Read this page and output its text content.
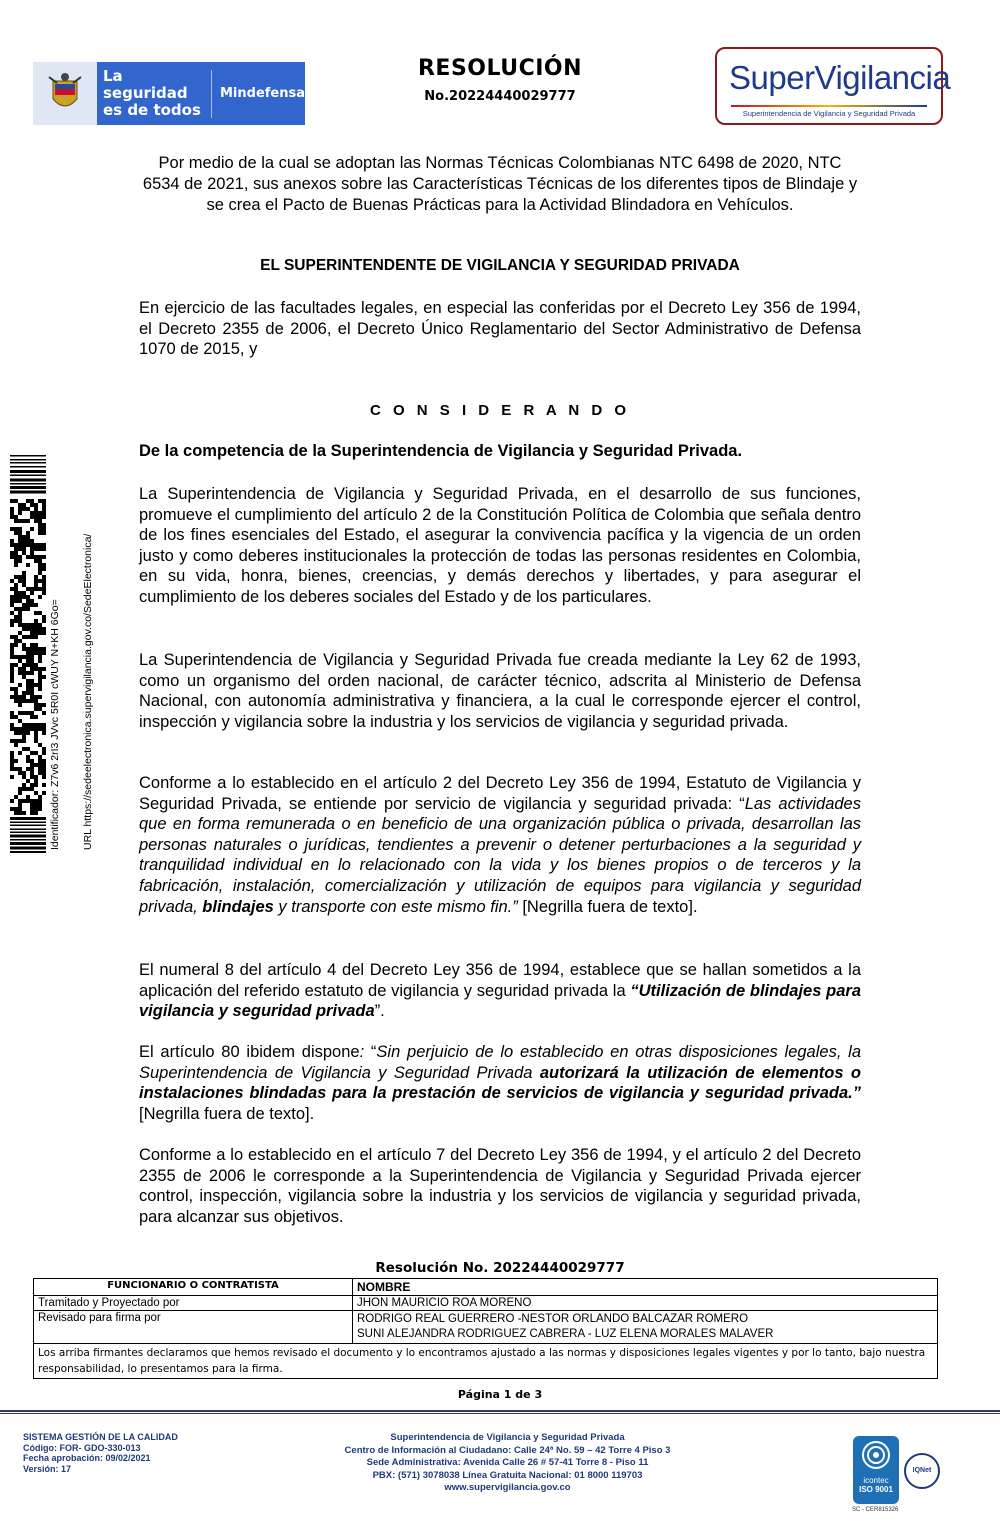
La seguridad
es de todos
Mindefensa
RESOLUCIÓN
No.20224440029777
SuperVigilancia
Superintendencia de Vigilancia y Seguridad Privada
Por medio de la cual se adoptan las Normas Técnicas Colombianas NTC 6498 de 2020, NTC 6534 de 2021, sus anexos sobre las Características Técnicas de los diferentes tipos de Blindaje y se crea el Pacto de Buenas Prácticas para la Actividad Blindadora en Vehículos.
EL SUPERINTENDENTE DE VIGILANCIA Y SEGURIDAD PRIVADA
En ejercicio de las facultades legales, en especial las conferidas por el Decreto Ley 356 de 1994, el Decreto 2355 de 2006, el Decreto Único Reglamentario del Sector Administrativo de Defensa 1070 de 2015, y
C O N S I D E R A N D O
De la competencia de la Superintendencia de Vigilancia y Seguridad Privada.
La Superintendencia de Vigilancia y Seguridad Privada, en el desarrollo de sus funciones, promueve el cumplimiento del artículo 2 de la Constitución Política de Colombia que señala dentro de los fines esenciales del Estado, el asegurar la convivencia pacífica y la vigencia de un orden justo y como deberes institucionales la protección de todas las personas residentes en Colombia, en su vida, honra, bienes, creencias, y demás derechos y libertades, y para asegurar el cumplimiento de los deberes sociales del Estado y de los particulares.
La Superintendencia de Vigilancia y Seguridad Privada fue creada mediante la Ley 62 de 1993, como un organismo del orden nacional, de carácter técnico, adscrita al Ministerio de Defensa Nacional, con autonomía administrativa y financiera, a la cual le corresponde ejercer el control, inspección y vigilancia sobre la industria y los servicios de vigilancia y seguridad privada.
Conforme a lo establecido en el artículo 2 del Decreto Ley 356 de 1994, Estatuto de Vigilancia y Seguridad Privada, se entiende por servicio de vigilancia y seguridad privada: “Las actividades que en forma remunerada o en beneficio de una organización pública o privada, desarrollan las personas naturales o jurídicas, tendientes a prevenir o detener perturbaciones a la seguridad y tranquilidad individual en lo relacionado con la vida y los bienes propios o de terceros y la fabricación, instalación, comercialización y utilización de equipos para vigilancia y seguridad privada, blindajes y transporte con este mismo fin.” [Negrilla fuera de texto].
El numeral 8 del artículo 4 del Decreto Ley 356 de 1994, establece que se hallan sometidos a la aplicación del referido estatuto de vigilancia y seguridad privada la “Utilización de blindajes para vigilancia y seguridad privada”.
El artículo 80 ibidem dispone: “Sin perjuicio de lo establecido en otras disposiciones legales, la Superintendencia de Vigilancia y Seguridad Privada autorizará la utilización de elementos o instalaciones blindadas para la prestación de servicios de vigilancia y seguridad privada.” [Negrilla fuera de texto].
Conforme a lo establecido en el artículo 7 del Decreto Ley 356 de 1994, y el artículo 2 del Decreto 2355 de 2006 le corresponde a la Superintendencia de Vigilancia y Seguridad Privada ejercer control, inspección, vigilancia sobre la industria y los servicios de vigilancia y seguridad privada, para alcanzar sus objetivos.
Identificador: Z7v6 2rI3 JVvc 5R0I cWUY N+KH 6Go= URL https://sedeelectronica.supervigilancia.gov.co/SedeElectronica/
Resolución No. 20224440029777
FUNCIONARIO O CONTRATISTA	NOMBRE
Tramitado y Proyectado por	JHON MAURICIO ROA MORENO
Revisado para firma por	RODRIGO REAL GUERRERO -NESTOR ORLANDO BALCAZAR ROMERO
SUNI ALEJANDRA RODRIGUEZ CABRERA - LUZ ELENA MORALES MALAVER

Los arriba firmantes declaramos que hemos revisado el documento y lo encontramos ajustado a las normas y disposiciones legales vigentes y por lo tanto, bajo nuestra responsabilidad, lo presentamos para la firma.	
Página 1 de 3
SISTEMA GESTIÓN DE LA CALIDAD
Código: FOR- GDO-330-013
Fecha aprobación: 09/02/2021
Versión: 17
Superintendencia de Vigilancia y Seguridad Privada
Centro de Información al Ciudadano: Calle 24ª No. 59 – 42 Torre 4 Piso 3
Sede Administrativa: Avenida Calle 26 # 57-41 Torre 8 - Piso 11
PBX: (571) 3078038 Línea Gratuita Nacional: 01 8000 119703
www.supervigilancia.gov.co
icontec
ISO 9001
IQNet
SC - CER815326
